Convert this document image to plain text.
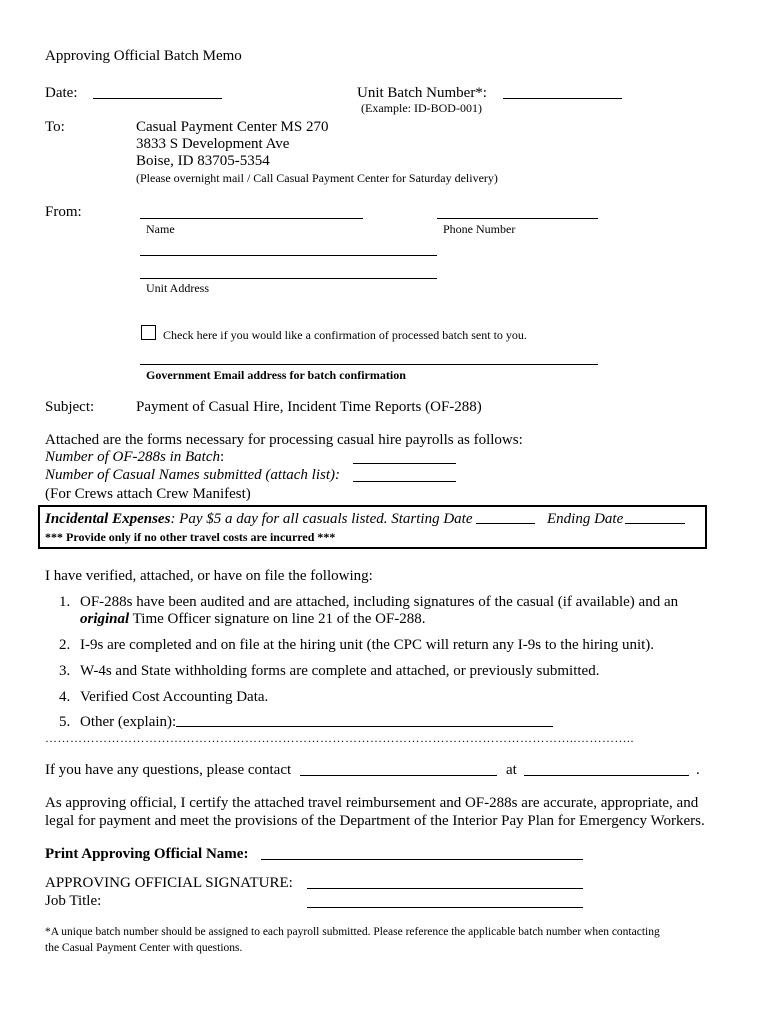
Approving Official Batch Memo
Date:	Unit Batch Number*:
(Example: ID-BOD-001)
To:	Casual Payment Center MS 270
3833 S Development Ave
Boise, ID 83705-5354
(Please overnight mail / Call Casual Payment Center for Saturday delivery)
From:
Name	Phone Number
Unit Address
Check here if you would like a confirmation of processed batch sent to you.
Government Email address for batch confirmation
Subject:	Payment of Casual Hire, Incident Time Reports (OF-288)
Attached are the forms necessary for processing casual hire payrolls as follows:
Number of OF-288s in Batch:
Number of Casual Names submitted (attach list):
(For Crews attach Crew Manifest)
Incidental Expenses: Pay $5 a day for all casuals listed. Starting Date	Ending Date
*** Provide only if no other travel costs are incurred ***
I have verified, attached, or have on file the following:
1. OF-288s have been audited and are attached, including signatures of the casual (if available) and an
original Time Officer signature on line 21 of the OF-288.
2. I-9s are completed and on file at the hiring unit (the CPC will return any I-9s to the hiring unit).
3. W-4s and State withholding forms are complete and attached, or previously submitted.
4. Verified Cost Accounting Data.
5. Other (explain):
………………………………………………………………………………………………………………..…………..
If you have any questions, please contact	at	.
As approving official, I certify the attached travel reimbursement and OF-288s are accurate, appropriate, and
legal for payment and meet the provisions of the Department of the Interior Pay Plan for Emergency Workers.
Print Approving Official Name:
APPROVING OFFICIAL SIGNATURE:
Job Title:
*A unique batch number should be assigned to each payroll submitted. Please reference the applicable batch number when contacting
the Casual Payment Center with questions.
